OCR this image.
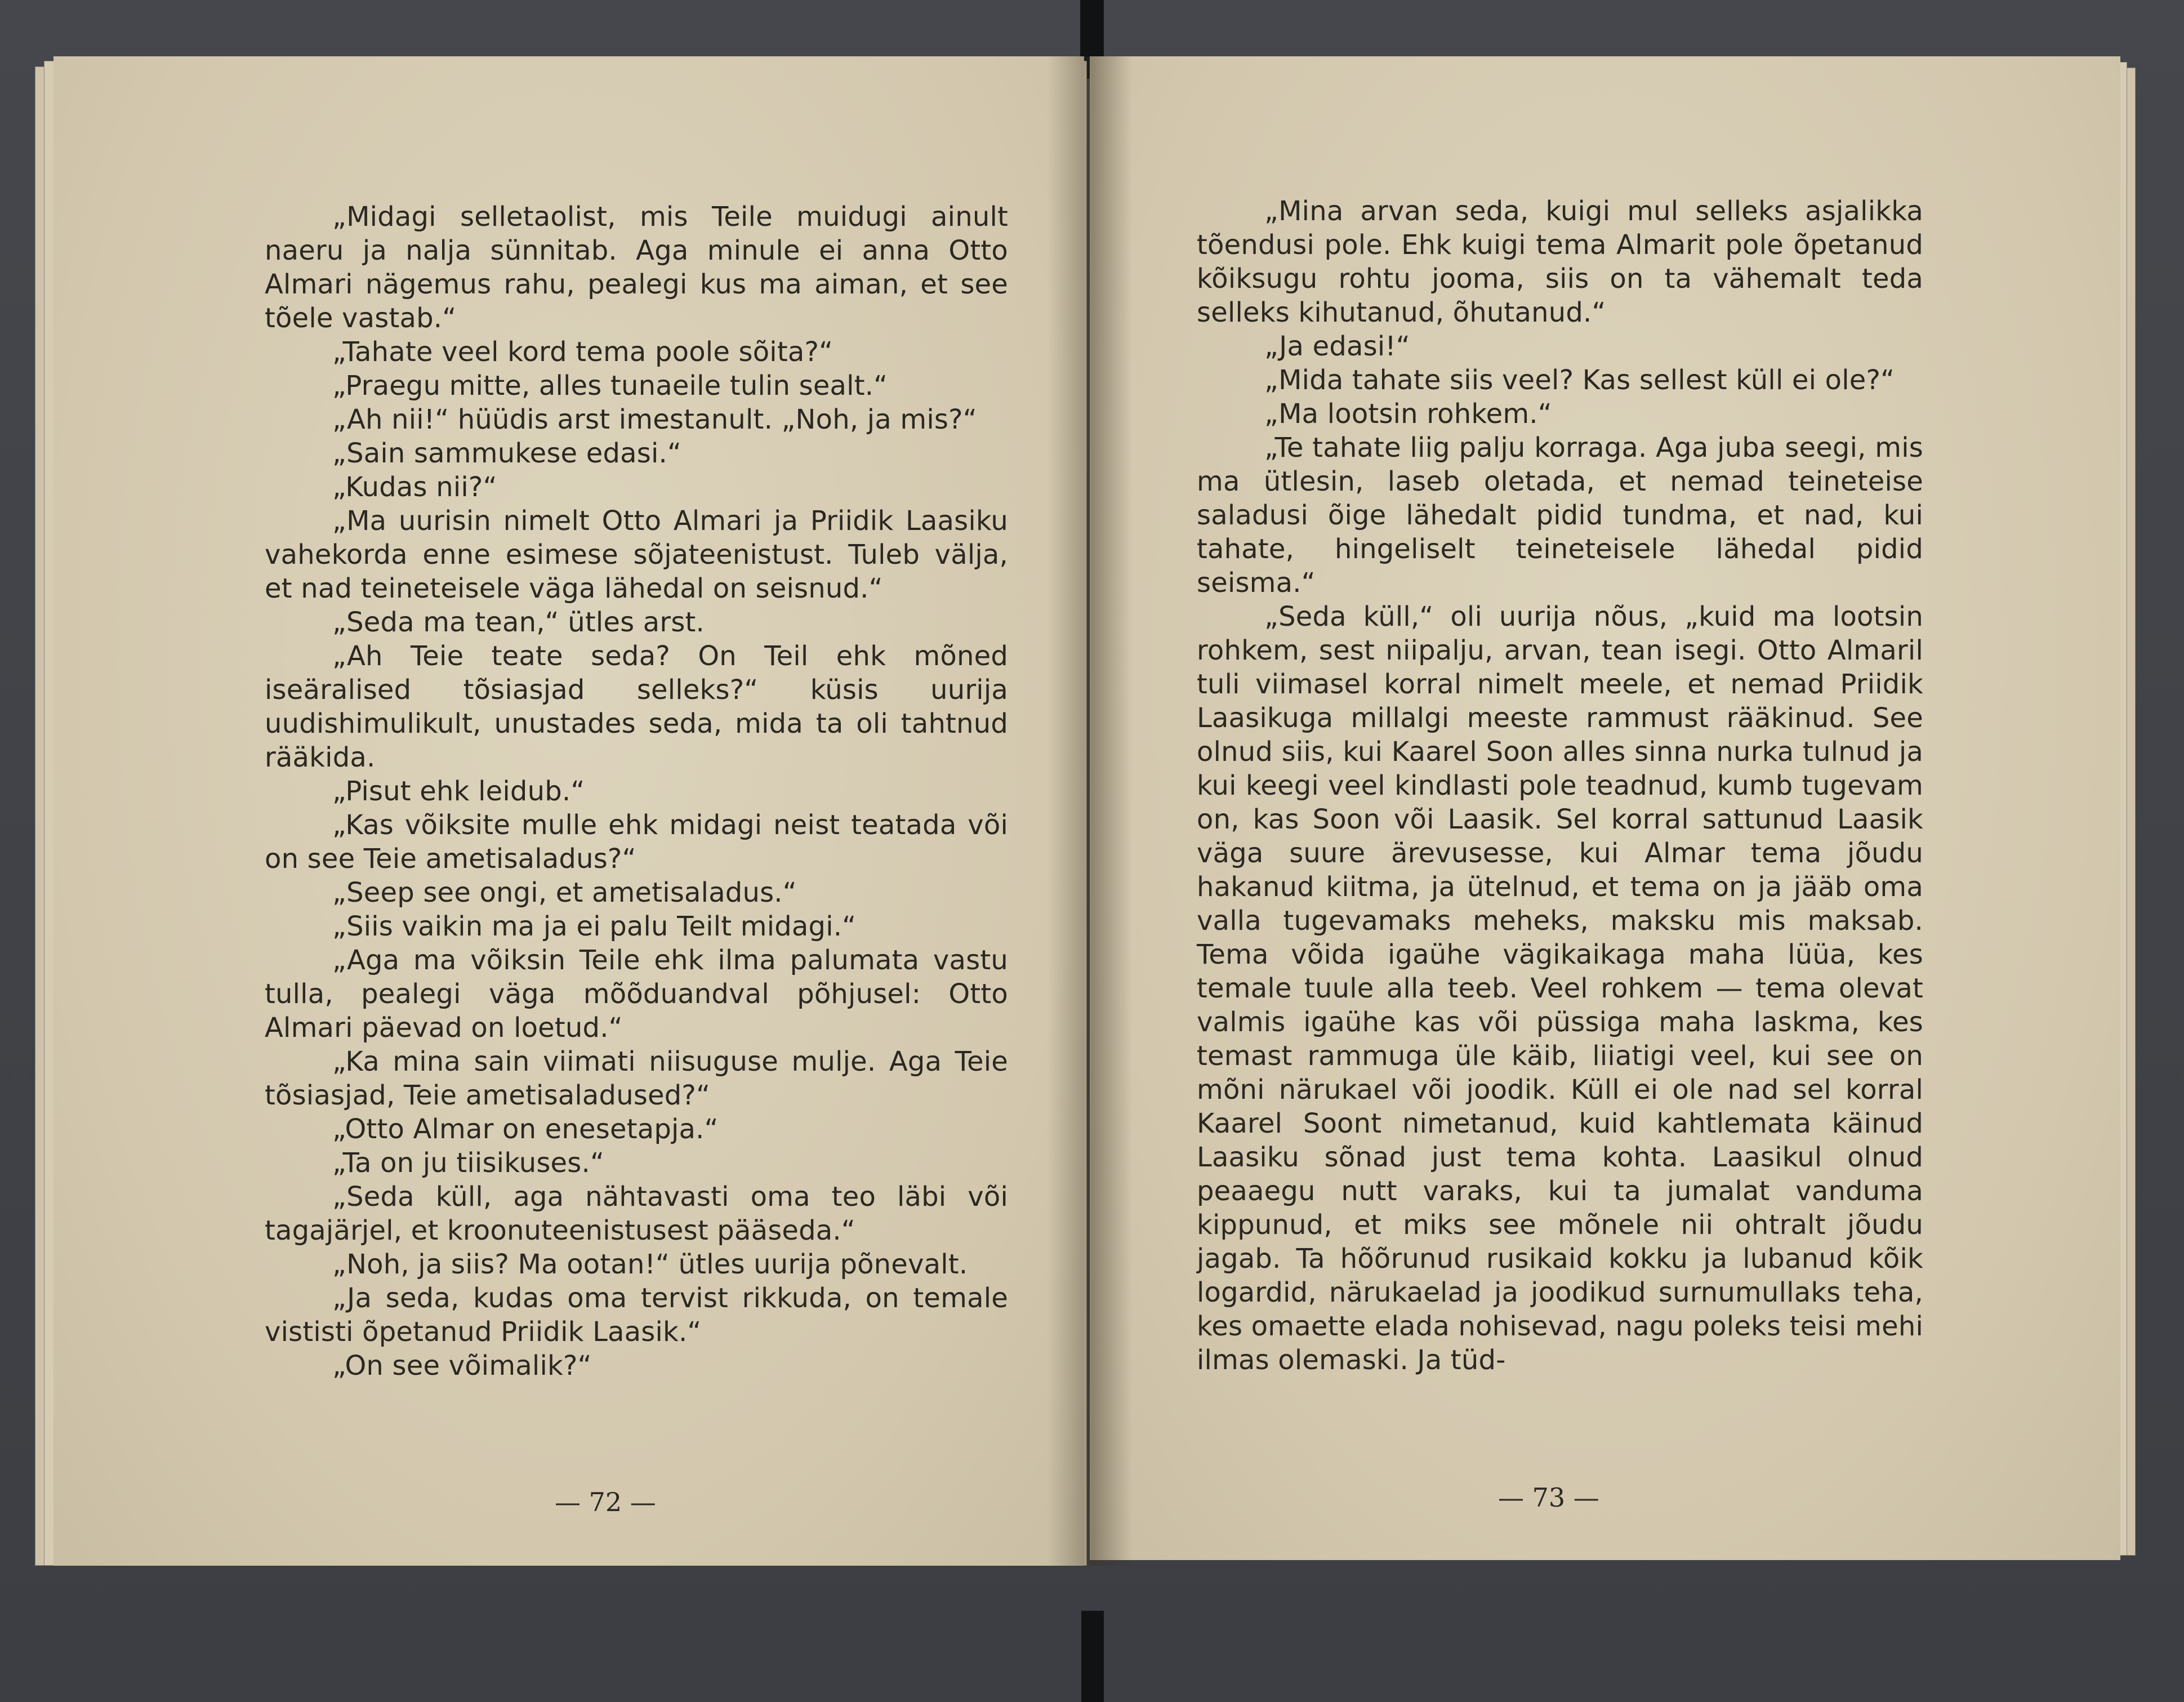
„Midagi selletaolist, mis Teile muidugi ainult naeru ja nalja sünnitab. Aga minule ei anna Otto Almari nägemus rahu, pealegi kus ma aiman, et see tõele vastab.“

„Tahate veel kord tema poole sõita?“

„Praegu mitte, alles tunaeile tulin sealt.“

„Ah nii!“ hüüdis arst imestanult. „Noh, ja mis?“

„Sain sammukese edasi.“

„Kudas nii?“

„Ma uurisin nimelt Otto Almari ja Priidik Laasiku vahekorda enne esimese sõjateenistust. Tuleb välja, et nad teineteisele väga lähedal on seisnud.“

„Seda ma tean,“ ütles arst.

„Ah Teie teate seda? On Teil ehk mõned iseäralised tõsiasjad selleks?“ küsis uurija uudishimulikult, unustades seda, mida ta oli tahtnud rääkida.

„Pisut ehk leidub.“

„Kas võiksite mulle ehk midagi neist teatada või on see Teie ametisaladus?“

„Seep see ongi, et ametisaladus.“

„Siis vaikin ma ja ei palu Teilt midagi.“

„Aga ma võiksin Teile ehk ilma palumata vastu tulla, pealegi väga mõõduandval põhjusel: Otto Almari päevad on loetud.“

„Ka mina sain viimati niisuguse mulje. Aga Teie tõsiasjad, Teie ametisaladused?“

„Otto Almar on enesetapja.“

„Ta on ju tiisikuses.“

„Seda küll, aga nähtavasti oma teo läbi või tagajärjel, et kroonuteenistusest pääseda.“

„Noh, ja siis? Ma ootan!“ ütles uurija põnevalt.

„Ja seda, kudas oma tervist rikkuda, on temale vististi õpetanud Priidik Laasik.“

„On see võimalik?“

— 72 —

„Mina arvan seda, kuigi mul selleks asjalikka tõendusi pole. Ehk kuigi tema Almarit pole õpetanud kõiksugu rohtu jooma, siis on ta vähemalt teda selleks kihutanud, õhutanud.“

„Ja edasi!“

„Mida tahate siis veel? Kas sellest küll ei ole?“

„Ma lootsin rohkem.“

„Te tahate liig palju korraga. Aga juba seegi, mis ma ütlesin, laseb oletada, et nemad teineteise saladusi õige lähedalt pidid tundma, et nad, kui tahate, hingeliselt teineteisele lähedal pidid seisma.“

„Seda küll,“ oli uurija nõus, „kuid ma lootsin rohkem, sest niipalju, arvan, tean isegi. Otto Almaril tuli viimasel korral nimelt meele, et nemad Priidik Laasikuga millalgi meeste rammust rääkinud. See olnud siis, kui Kaarel Soon alles sinna nurka tulnud ja kui keegi veel kindlasti pole teadnud, kumb tugevam on, kas Soon või Laasik. Sel korral sattunud Laasik väga suure ärevusesse, kui Almar tema jõudu hakanud kiitma, ja ütelnud, et tema on ja jääb oma valla tugevamaks meheks, maksku mis maksab. Tema võida igaühe vägikaikaga maha lüüa, kes temale tuule alla teeb. Veel rohkem — tema olevat valmis igaühe kas või püssiga maha laskma, kes temast rammuga üle käib, liiatigi veel, kui see on mõni närukael või joodik. Küll ei ole nad sel korral Kaarel Soont nimetanud, kuid kahtlemata käinud Laasiku sõnad just tema kohta. Laasikul olnud peaaegu nutt varaks, kui ta jumalat vanduma kippunud, et miks see mõnele nii ohtralt jõudu jagab. Ta hõõrunud rusikaid kokku ja lubanud kõik logardid, närukaelad ja joodikud surnumullaks teha, kes omaette elada nohisevad, nagu poleks teisi mehi ilmas olemaski. Ja tüd-

— 73 —
